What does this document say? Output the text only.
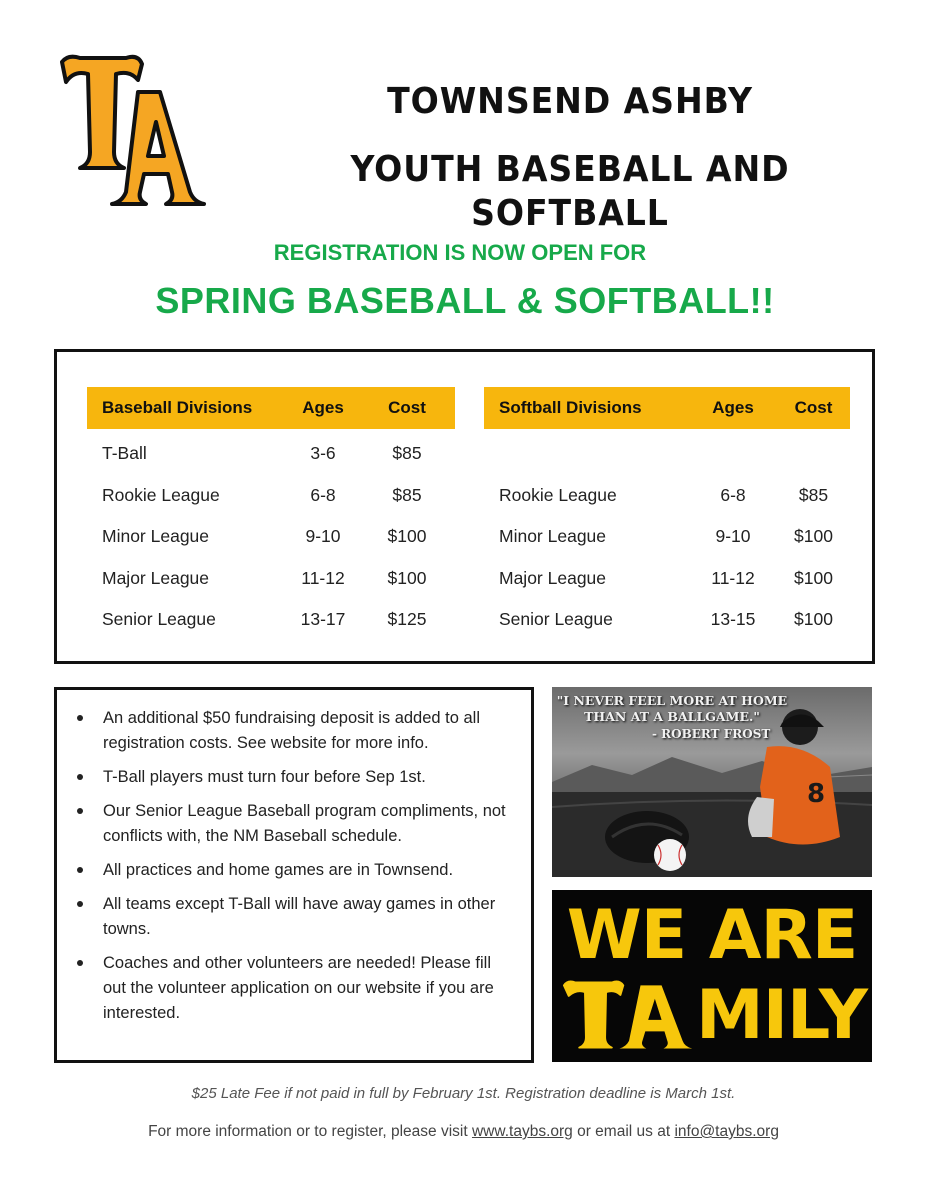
TA
TOWNSEND ASHBY
YOUTH BASEBALL AND SOFTBALL
REGISTRATION IS NOW OPEN FOR
SPRING BASEBALL & SOFTBALL!!
Baseball Divisions	Ages	Cost
T-Ball	3-6	$85
Rookie League	6-8	$85
Minor League	9-10	$100
Major League	11-12	$100
Senior League	13-17	$125
Softball Divisions	Ages	Cost
Rookie League	6-8	$85
Minor League	9-10	$100
Major League	11-12	$100
Senior League	13-15	$100
An additional $50 fundraising deposit is added to all registration costs. See website for more info.
T-Ball players must turn four before Sep 1st.
Our Senior League Baseball program compliments, not conflicts with, the NM Baseball schedule.
All practices and home games are in Townsend.
All teams except T-Ball will have away games in other towns.
Coaches and other volunteers are needed! Please fill out the volunteer application on our website if you are interested.
8
"I NEVER FEEL MORE AT HOME THAN AT A BALLGAME."
- ROBERT FROST
WE ARE
TA MILY
$25 Late Fee if not paid in full by February 1st. Registration deadline is March 1st.
For more information or to register, please visit www.taybs.org or email us at info@taybs.org
